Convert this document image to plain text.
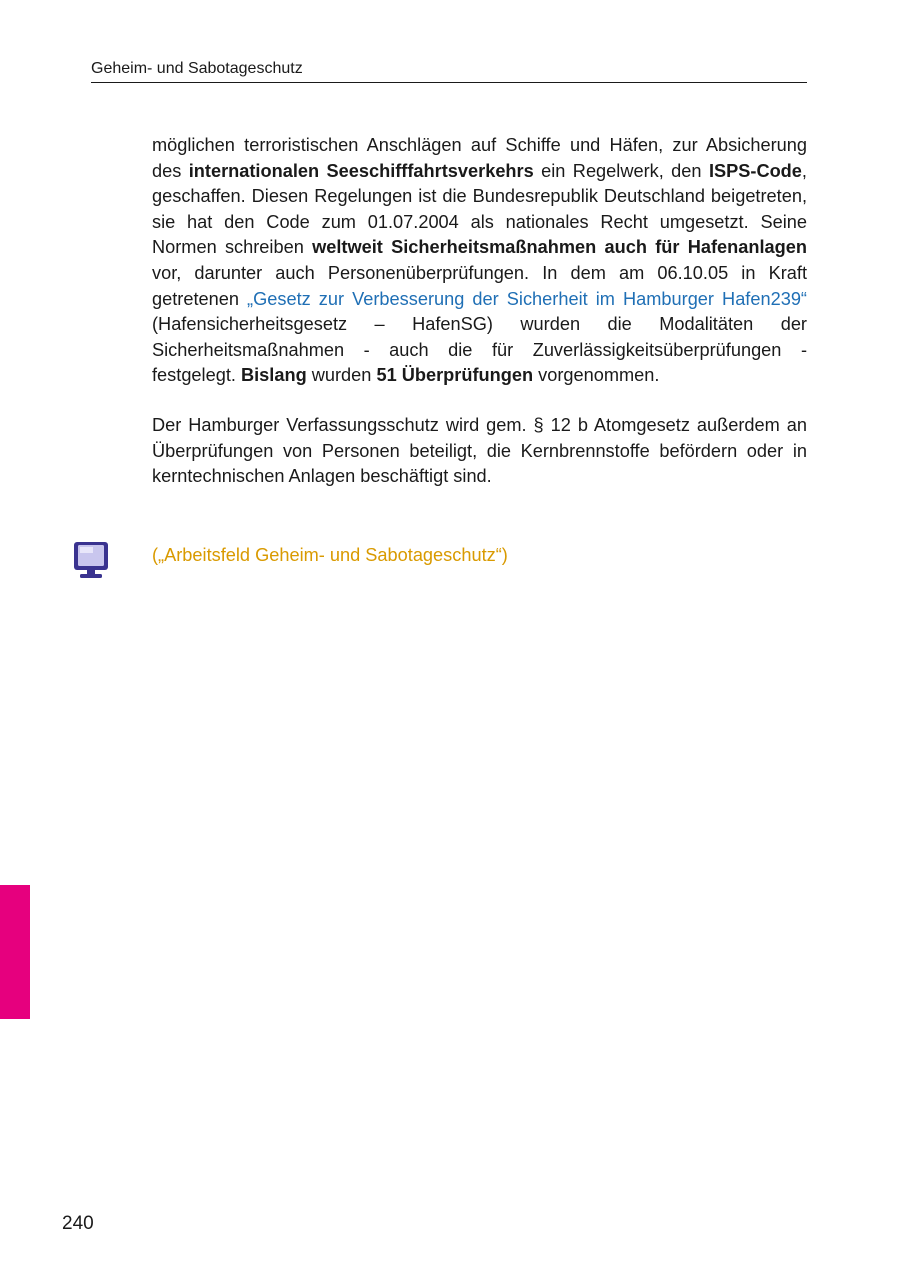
Geheim- und Sabotageschutz

möglichen terroristischen Anschlägen auf Schiffe und Häfen, zur Absicherung des internationalen Seeschifffahrtsverkehrs ein Regelwerk, den ISPS-Code, geschaffen. Diesen Regelungen ist die Bundesrepublik Deutschland beigetreten, sie hat den Code zum 01.07.2004 als nationales Recht umgesetzt. Seine Normen schreiben weltweit Sicherheitsmaßnahmen auch für Hafenanlagen vor, darunter auch Personenüberprüfungen. In dem am 06.10.05 in Kraft getretenen „Gesetz zur Verbesserung der Sicherheit im Hamburger Hafen239“ (Hafensicherheitsgesetz – HafenSG) wurden die Modalitäten der Sicherheitsmaßnahmen - auch die für Zuverlässigkeitsüberprüfungen - festgelegt. Bislang wurden 51 Überprüfungen vorgenommen.

Der Hamburger Verfassungsschutz wird gem. § 12 b Atomgesetz außerdem an Überprüfungen von Personen beteiligt, die Kernbrennstoffe befördern oder in kerntechnischen Anlagen beschäftigt sind.

(„Arbeitsfeld Geheim- und Sabotageschutz“)
240
